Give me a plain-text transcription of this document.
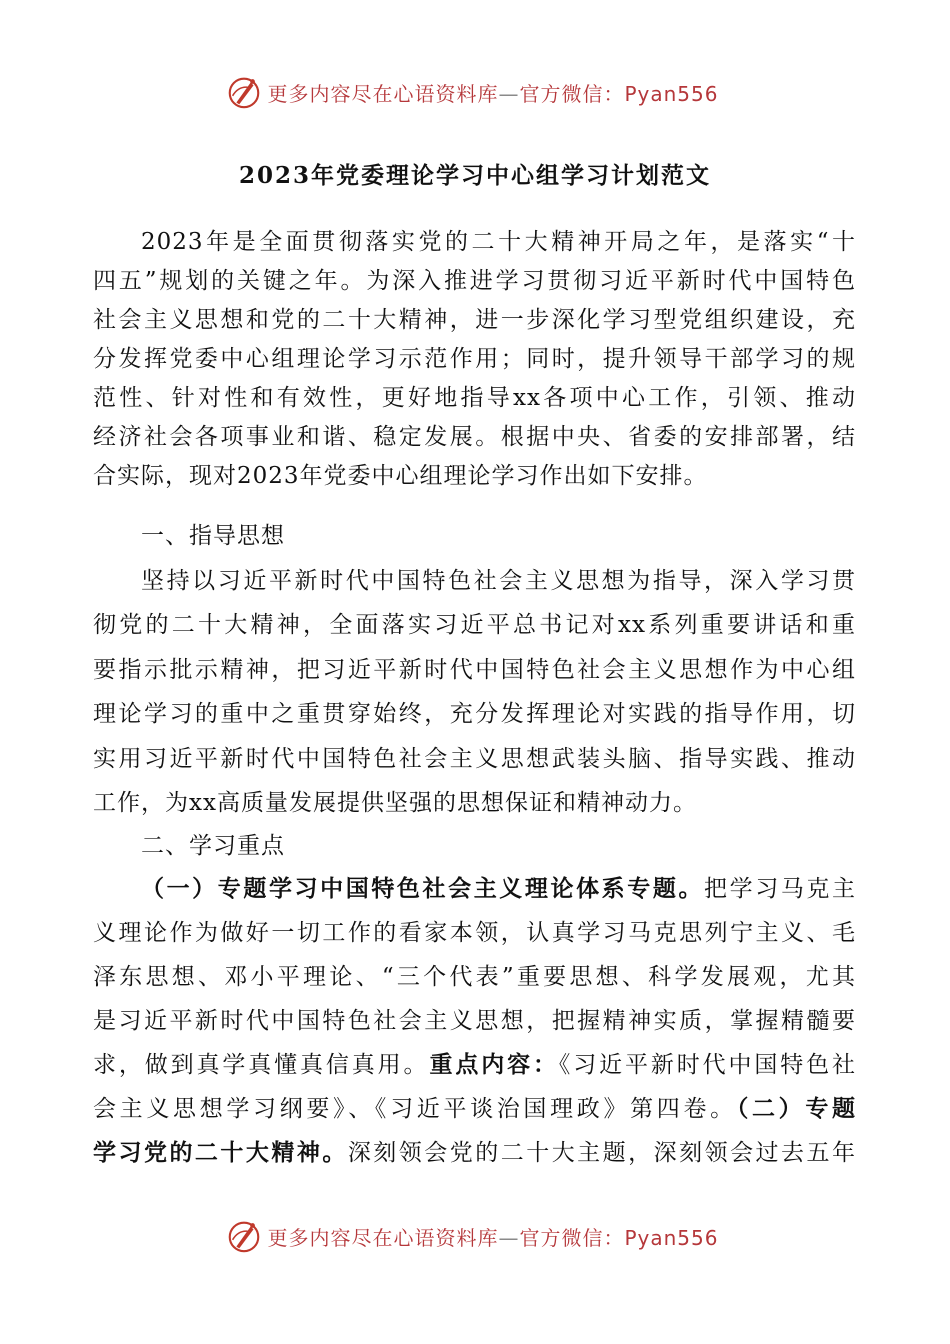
更多内容尽在心语资料库—官方微信：Pyan556
2023年党委理论学习中心组学习计划范文
2023年是全面贯彻落实党的二十大精神开局之年，是落实“十
四五”规划的关键之年。为深入推进学习贯彻习近平新时代中国特色
社会主义思想和党的二十大精神，进一步深化学习型党组织建设，充
分发挥党委中心组理论学习示范作用；同时，提升领导干部学习的规
范性、针对性和有效性，更好地指导xx各项中心工作，引领、推动
经济社会各项事业和谐、稳定发展。根据中央、省委的安排部署，结
合实际，现对2023年党委中心组理论学习作出如下安排。
一、指导思想
坚持以习近平新时代中国特色社会主义思想为指导，深入学习贯
彻党的二十大精神，全面落实习近平总书记对xx系列重要讲话和重
要指示批示精神，把习近平新时代中国特色社会主义思想作为中心组
理论学习的重中之重贯穿始终，充分发挥理论对实践的指导作用，切
实用习近平新时代中国特色社会主义思想武装头脑、指导实践、推动
工作，为xx高质量发展提供坚强的思想保证和精神动力。
二、学习重点
（一）专题学习中国特色社会主义理论体系专题。把学习马克主
义理论作为做好一切工作的看家本领，认真学习马克思列宁主义、毛
泽东思想、邓小平理论、“三个代表”重要思想、科学发展观，尤其
是习近平新时代中国特色社会主义思想，把握精神实质，掌握精髓要
求，做到真学真懂真信真用。重点内容：《习近平新时代中国特色社
会主义思想学习纲要》、《习近平谈治国理政》第四卷。（二）专题
学习党的二十大精神。深刻领会党的二十大主题，深刻领会过去五年
更多内容尽在心语资料库—官方微信：Pyan556
